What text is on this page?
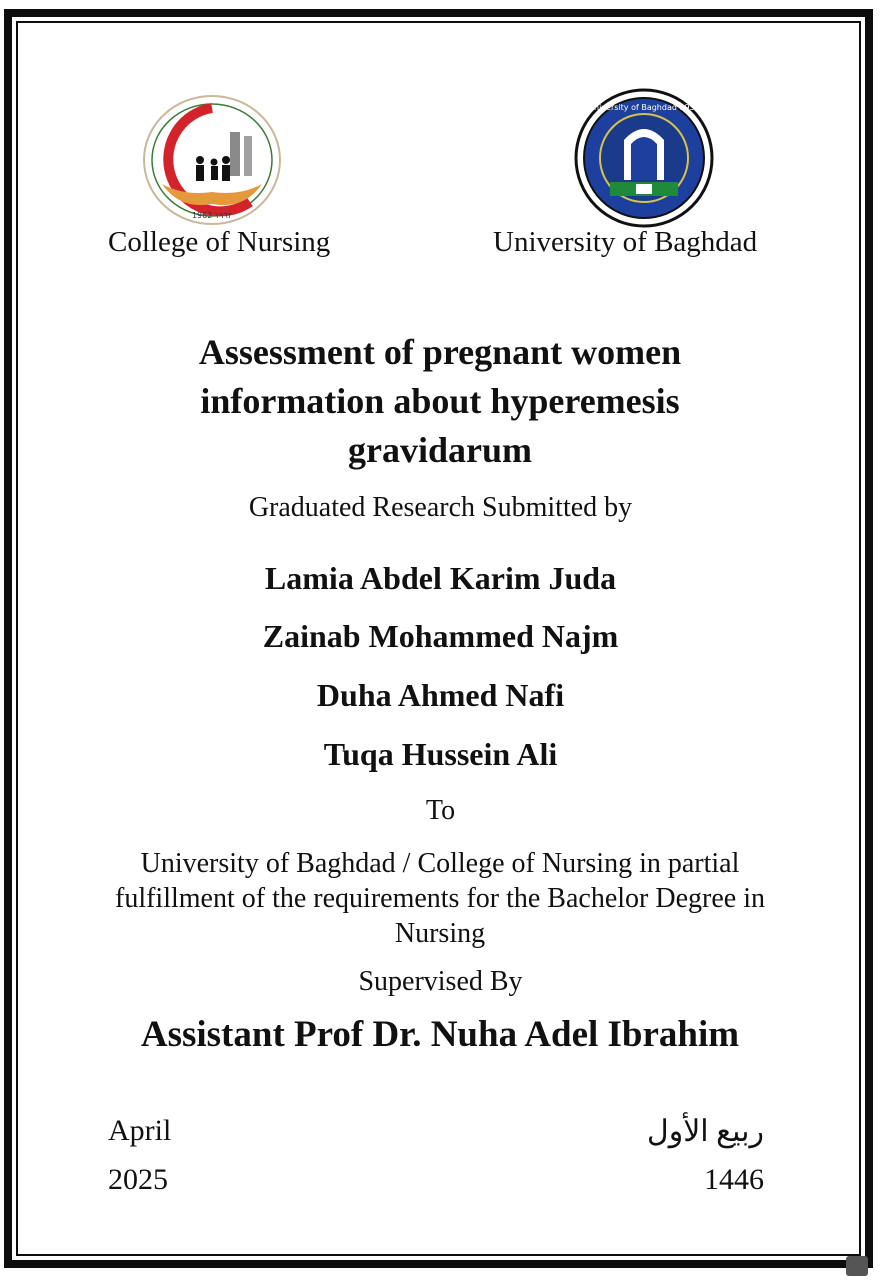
1962 ١٩٦٢
University of Baghdad 1957
College of Nursing	University of Baghdad
Assessment of pregnant women information about hyperemesis gravidarum
Graduated Research Submitted by
Lamia Abdel Karim Juda
Zainab Mohammed Najm
Duha Ahmed Nafi
Tuqa Hussein Ali
To
University of Baghdad / College of Nursing in partial fulfillment of the requirements for the Bachelor Degree in Nursing
Supervised By
Assistant Prof Dr. Nuha Adel Ibrahim
April
2025
ربيع الأول
1446
